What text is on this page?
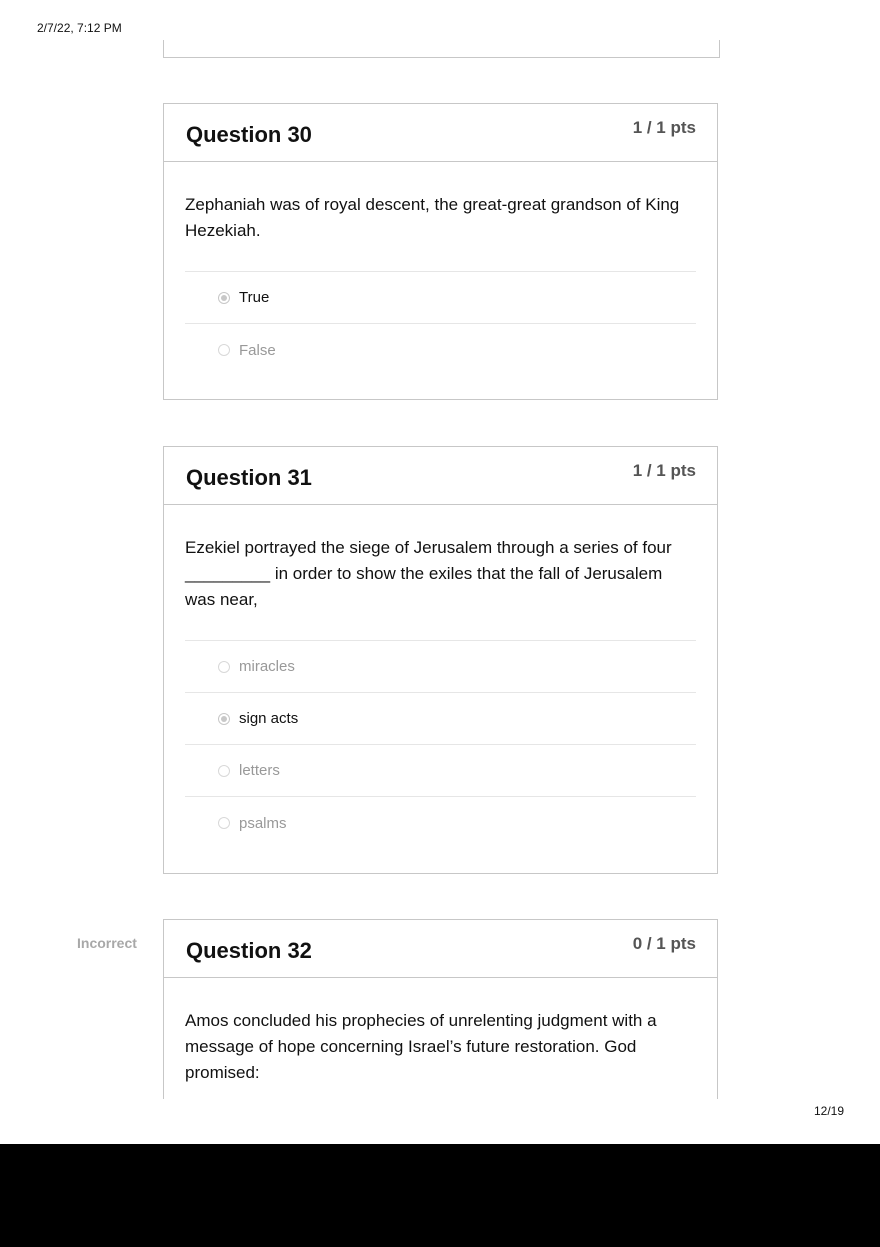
2/7/22, 7:12 PM
Question 30	1 / 1 pts
Zephaniah was of royal descent, the great-great grandson of King Hezekiah.
True
False
Question 31	1 / 1 pts
Ezekiel portrayed the siege of Jerusalem through a series of four _________ in order to show the exiles that the fall of Jerusalem was near,
miracles
sign acts
letters
psalms
Incorrect Question 32	0 / 1 pts
Amos concluded his prophecies of unrelenting judgment with a message of hope concerning Israel’s future restoration. God promised:
12/19
